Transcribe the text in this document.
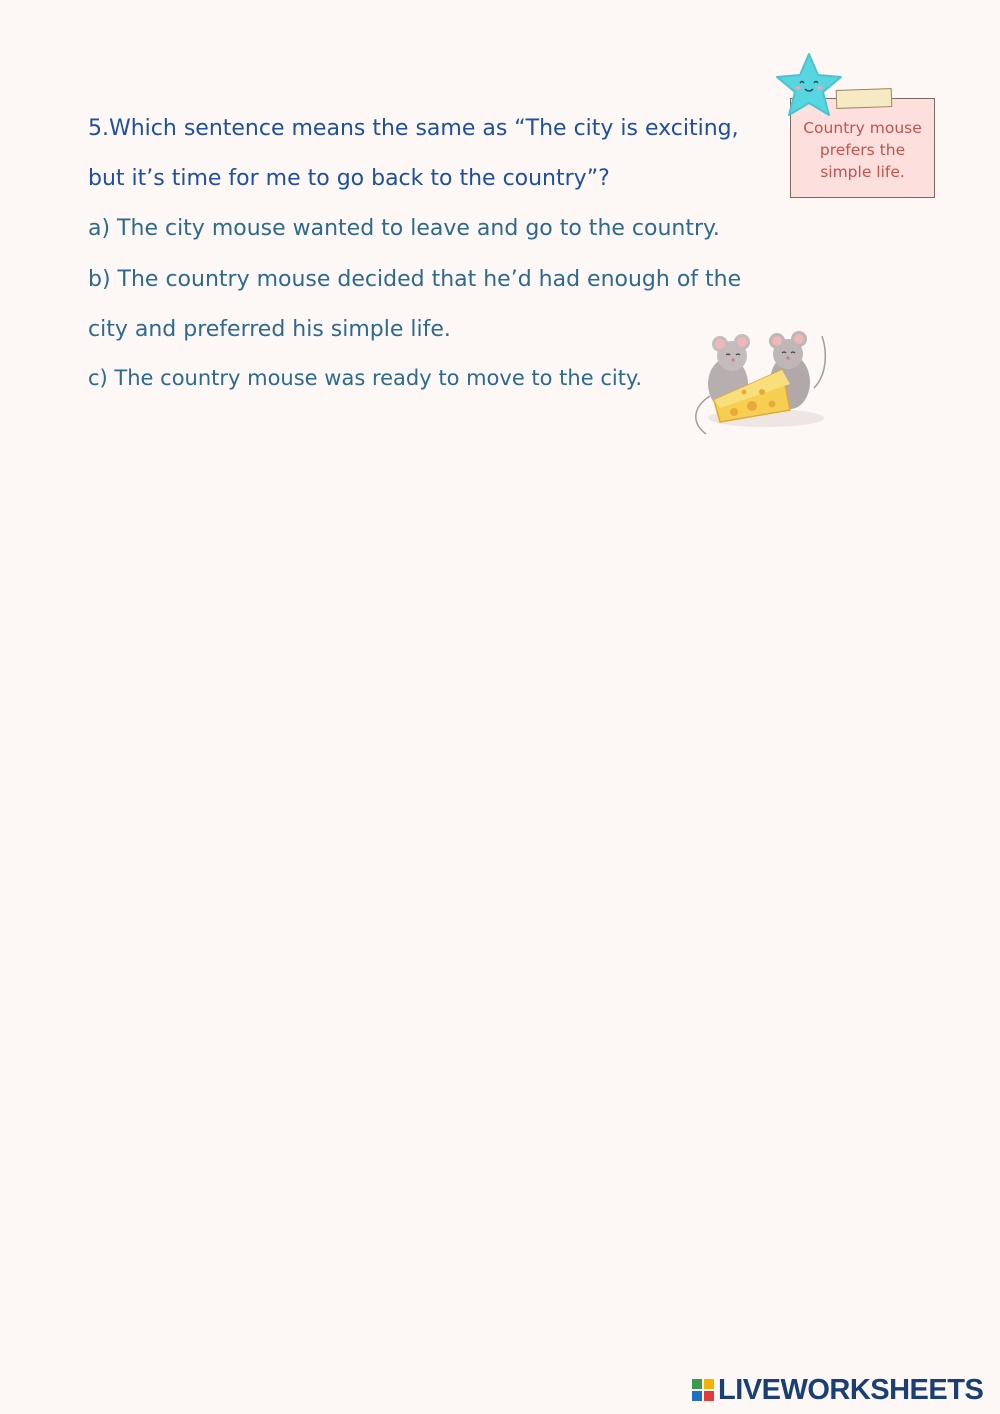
5.Which sentence means the same as “The city is exciting,
but it’s time for me to go back to the country”?
a) The city mouse wanted to leave and go to the country.
b) The country mouse decided that he’d had enough of the
city and preferred his simple life.
c) The country mouse was ready to move to the city.
Country mouse
prefers the
simple life.
LIVEWORKSHEETS
